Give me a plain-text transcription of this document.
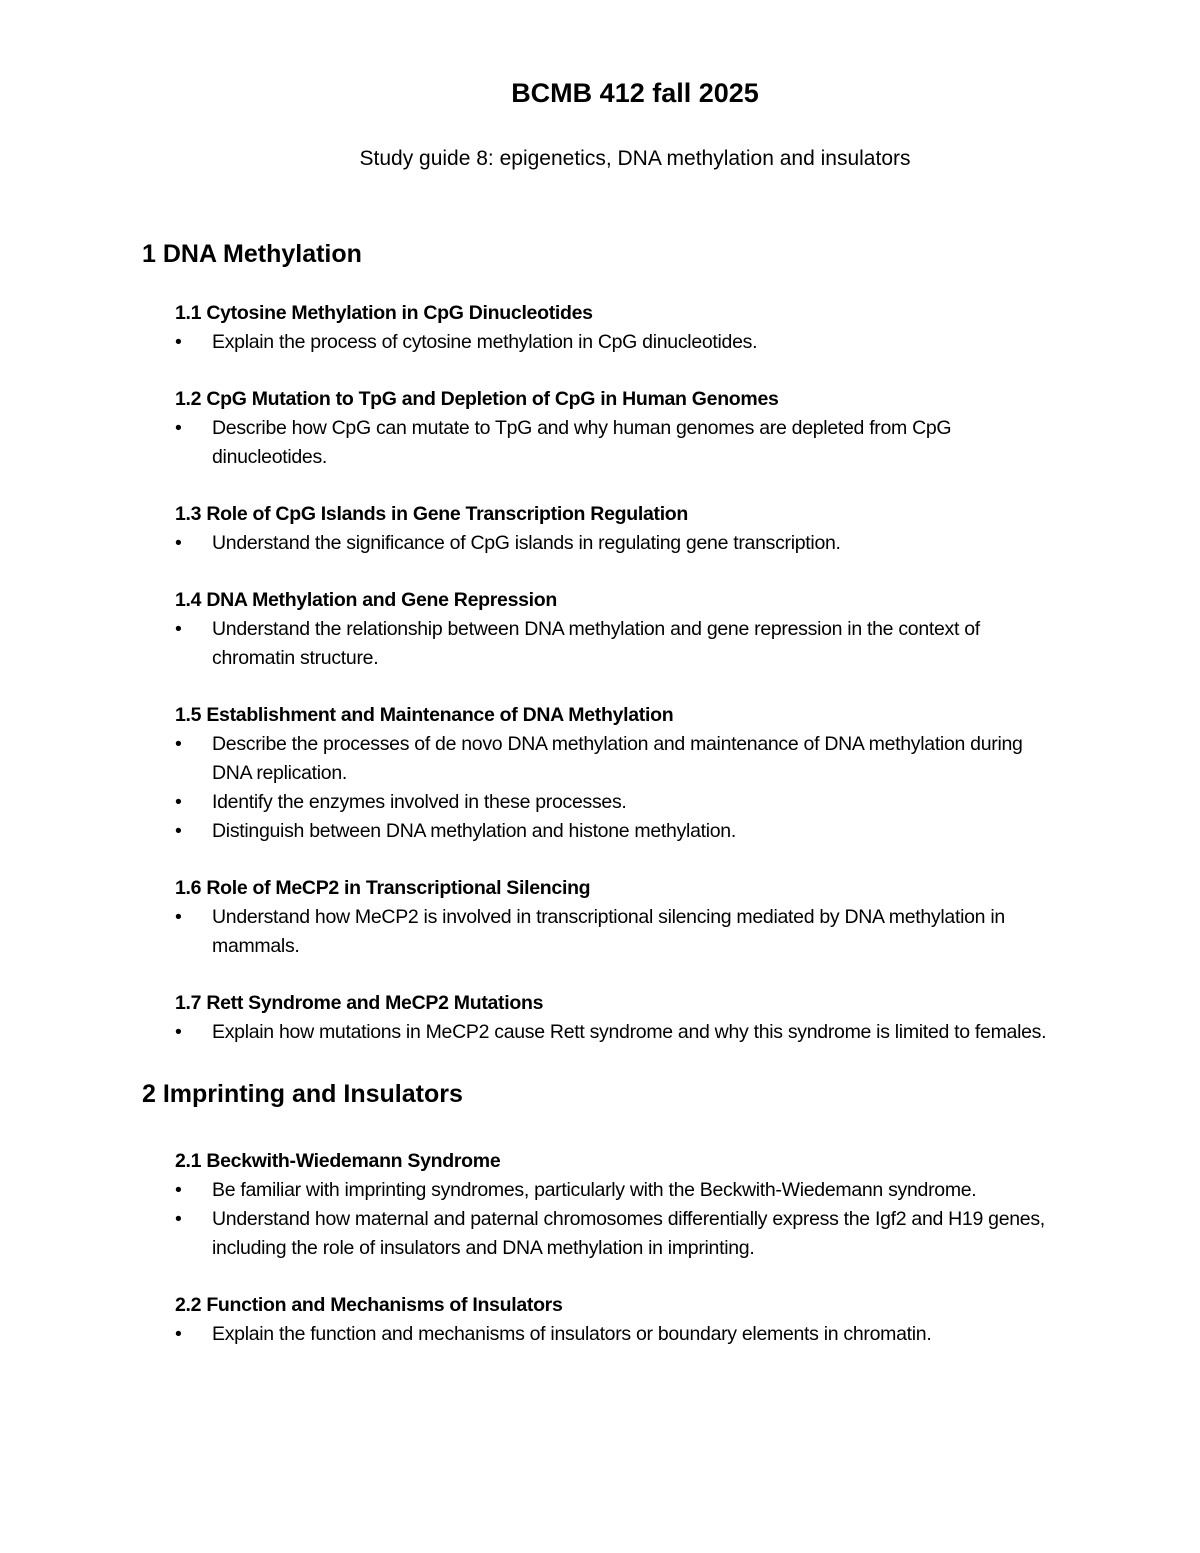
BCMB 412 fall 2025
Study guide 8: epigenetics, DNA methylation and insulators
1 DNA Methylation
1.1 Cytosine Methylation in CpG Dinucleotides
•	Explain the process of cytosine methylation in CpG dinucleotides.
1.2 CpG Mutation to TpG and Depletion of CpG in Human Genomes
•	Describe how CpG can mutate to TpG and why human genomes are depleted from CpG dinucleotides.
1.3 Role of CpG Islands in Gene Transcription Regulation
•	Understand the significance of CpG islands in regulating gene transcription.
1.4 DNA Methylation and Gene Repression
•	Understand the relationship between DNA methylation and gene repression in the context of chromatin structure.
1.5 Establishment and Maintenance of DNA Methylation
•	Describe the processes of de novo DNA methylation and maintenance of DNA methylation during DNA replication.
•	Identify the enzymes involved in these processes.
•	Distinguish between DNA methylation and histone methylation.
1.6 Role of MeCP2 in Transcriptional Silencing
•	Understand how MeCP2 is involved in transcriptional silencing mediated by DNA methylation in mammals.
1.7 Rett Syndrome and MeCP2 Mutations
•	Explain how mutations in MeCP2 cause Rett syndrome and why this syndrome is limited to females.
2 Imprinting and Insulators
2.1 Beckwith-Wiedemann Syndrome
•	Be familiar with imprinting syndromes, particularly with the Beckwith-Wiedemann syndrome.
•	Understand how maternal and paternal chromosomes differentially express the Igf2 and H19 genes, including the role of insulators and DNA methylation in imprinting.
2.2 Function and Mechanisms of Insulators
•	Explain the function and mechanisms of insulators or boundary elements in chromatin.
